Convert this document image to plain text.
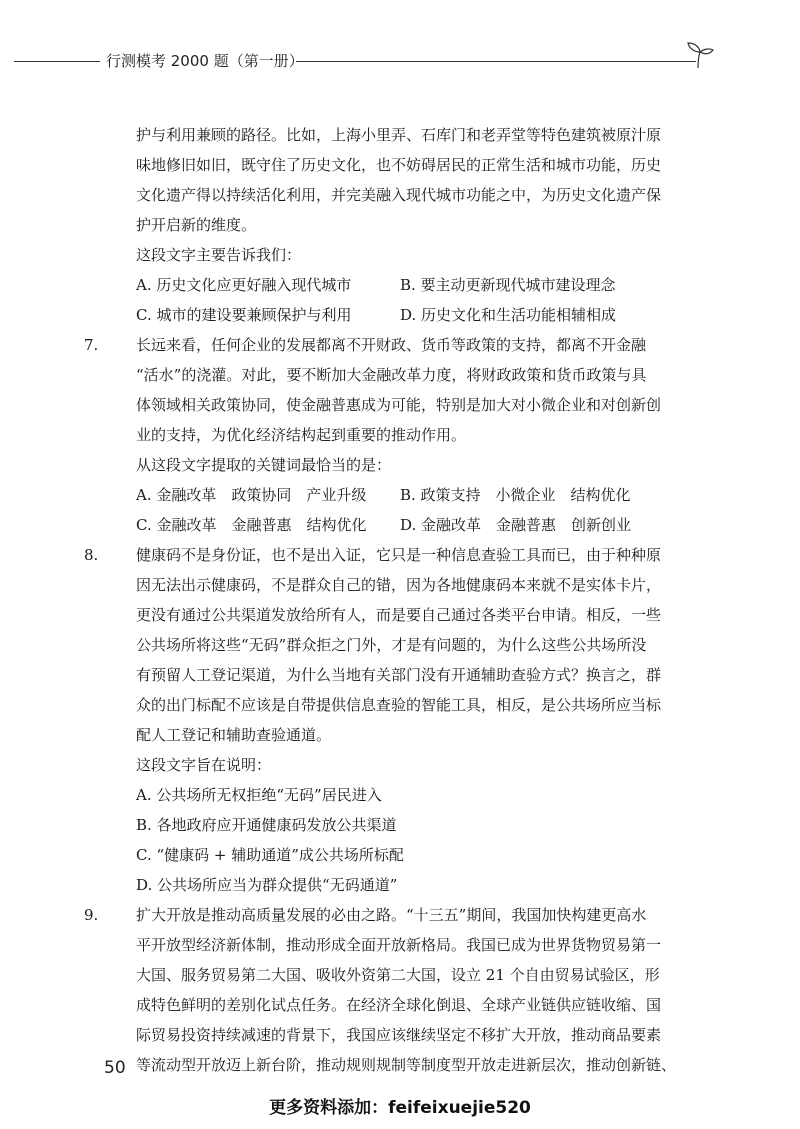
行测模考 2000 题（第一册）
护与利用兼顾的路径。比如，上海小里弄、石库门和老弄堂等特色建筑被原汁原
味地修旧如旧，既守住了历史文化，也不妨碍居民的正常生活和城市功能，历史
文化遗产得以持续活化利用，并完美融入现代城市功能之中，为历史文化遗产保
护开启新的维度。
这段文字主要告诉我们：
A. 历史文化应更好融入现代城市	B. 要主动更新现代城市建设理念
C. 城市的建设要兼顾保护与利用	D. 历史文化和生活功能相辅相成
7.	长远来看，任何企业的发展都离不开财政、货币等政策的支持，都离不开金融
“活水”的浇灌。对此，要不断加大金融改革力度，将财政政策和货币政策与具
体领域相关政策协同，使金融普惠成为可能，特别是加大对小微企业和对创新创
业的支持，为优化经济结构起到重要的推动作用。
从这段文字提取的关键词最恰当的是：
A. 金融改革　政策协同　产业升级 B. 政策支持　小微企业　结构优化
C. 金融改革　金融普惠　结构优化 D. 金融改革　金融普惠　创新创业
8.	健康码不是身份证，也不是出入证，它只是一种信息查验工具而已，由于种种原
因无法出示健康码，不是群众自己的错，因为各地健康码本来就不是实体卡片，
更没有通过公共渠道发放给所有人，而是要自己通过各类平台申请。相反，一些
公共场所将这些“无码”群众拒之门外，才是有问题的，为什么这些公共场所没
有预留人工登记渠道，为什么当地有关部门没有开通辅助查验方式？换言之，群
众的出门标配不应该是自带提供信息查验的智能工具，相反，是公共场所应当标
配人工登记和辅助查验通道。
这段文字旨在说明：
A. 公共场所无权拒绝“无码”居民进入
B. 各地政府应开通健康码发放公共渠道
C. “健康码 + 辅助通道”成公共场所标配
D. 公共场所应当为群众提供“无码通道”
9.	扩大开放是推动高质量发展的必由之路。“十三五”期间，我国加快构建更高水
平开放型经济新体制，推动形成全面开放新格局。我国已成为世界货物贸易第一
大国、服务贸易第二大国、吸收外资第二大国，设立 21 个自由贸易试验区，形
成特色鲜明的差别化试点任务。在经济全球化倒退、全球产业链供应链收缩、国
际贸易投资持续减速的背景下，我国应该继续坚定不移扩大开放，推动商品要素
等流动型开放迈上新台阶，推动规则规制等制度型开放走进新层次，推动创新链、
50
更多资料添加：feifeixuejie520
